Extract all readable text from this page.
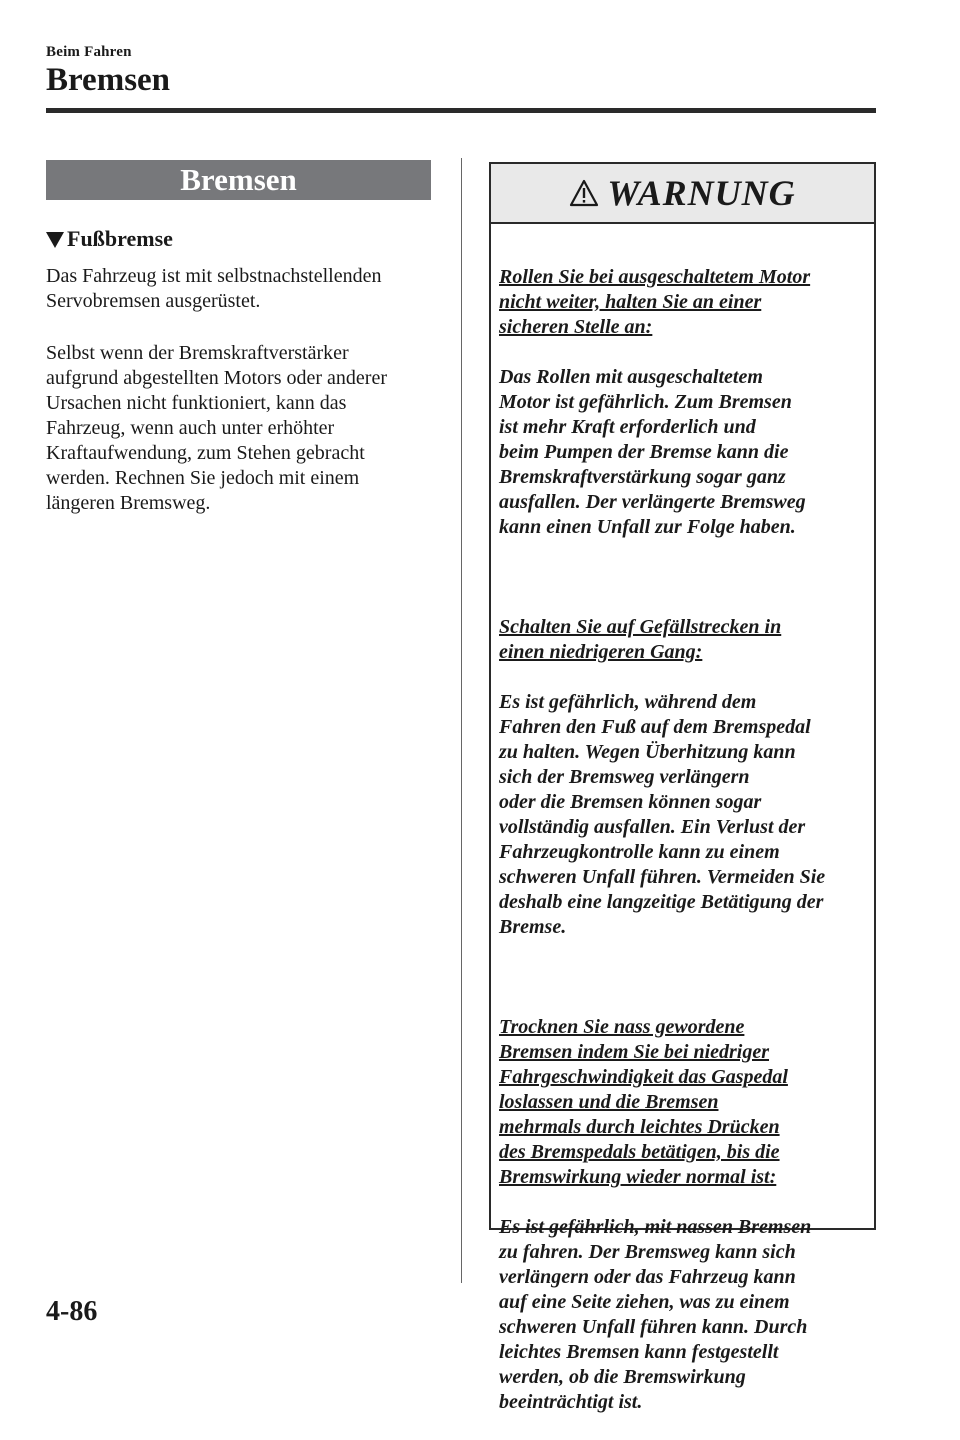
Beim Fahren
Bremsen
Bremsen
Fußbremse

Das Fahrzeug ist mit selbstnachstellenden
Servobremsen ausgerüstet.

Selbst wenn der Bremskraftverstärker
aufgrund abgestellten Motors oder anderer
Ursachen nicht funktioniert, kann das
Fahrzeug, wenn auch unter erhöhter
Kraftaufwendung, zum Stehen gebracht
werden. Rechnen Sie jedoch mit einem
längeren Bremsweg.

WARNUNG

Rollen Sie bei ausgeschaltetem Motor
nicht weiter, halten Sie an einer
sicheren Stelle an:

Das Rollen mit ausgeschaltetem
Motor ist gefährlich. Zum Bremsen
ist mehr Kraft erforderlich und
beim Pumpen der Bremse kann die
Bremskraftverstärkung sogar ganz
ausfallen. Der verlängerte Bremsweg
kann einen Unfall zur Folge haben.

Schalten Sie auf Gefällstrecken in
einen niedrigeren Gang:

Es ist gefährlich, während dem
Fahren den Fuß auf dem Bremspedal
zu halten. Wegen Überhitzung kann
sich der Bremsweg verlängern
oder die Bremsen können sogar
vollständig ausfallen. Ein Verlust der
Fahrzeugkontrolle kann zu einem
schweren Unfall führen. Vermeiden Sie
deshalb eine langzeitige Betätigung der
Bremse.

Trocknen Sie nass gewordene
Bremsen indem Sie bei niedriger
Fahrgeschwindigkeit das Gaspedal
loslassen und die Bremsen
mehrmals durch leichtes Drücken
des Bremspedals betätigen, bis die
Bremswirkung wieder normal ist:

Es ist gefährlich, mit nassen Bremsen
zu fahren. Der Bremsweg kann sich
verlängern oder das Fahrzeug kann
auf eine Seite ziehen, was zu einem
schweren Unfall führen kann. Durch
leichtes Bremsen kann festgestellt
werden, ob die Bremswirkung
beeinträchtigt ist.

4-86
